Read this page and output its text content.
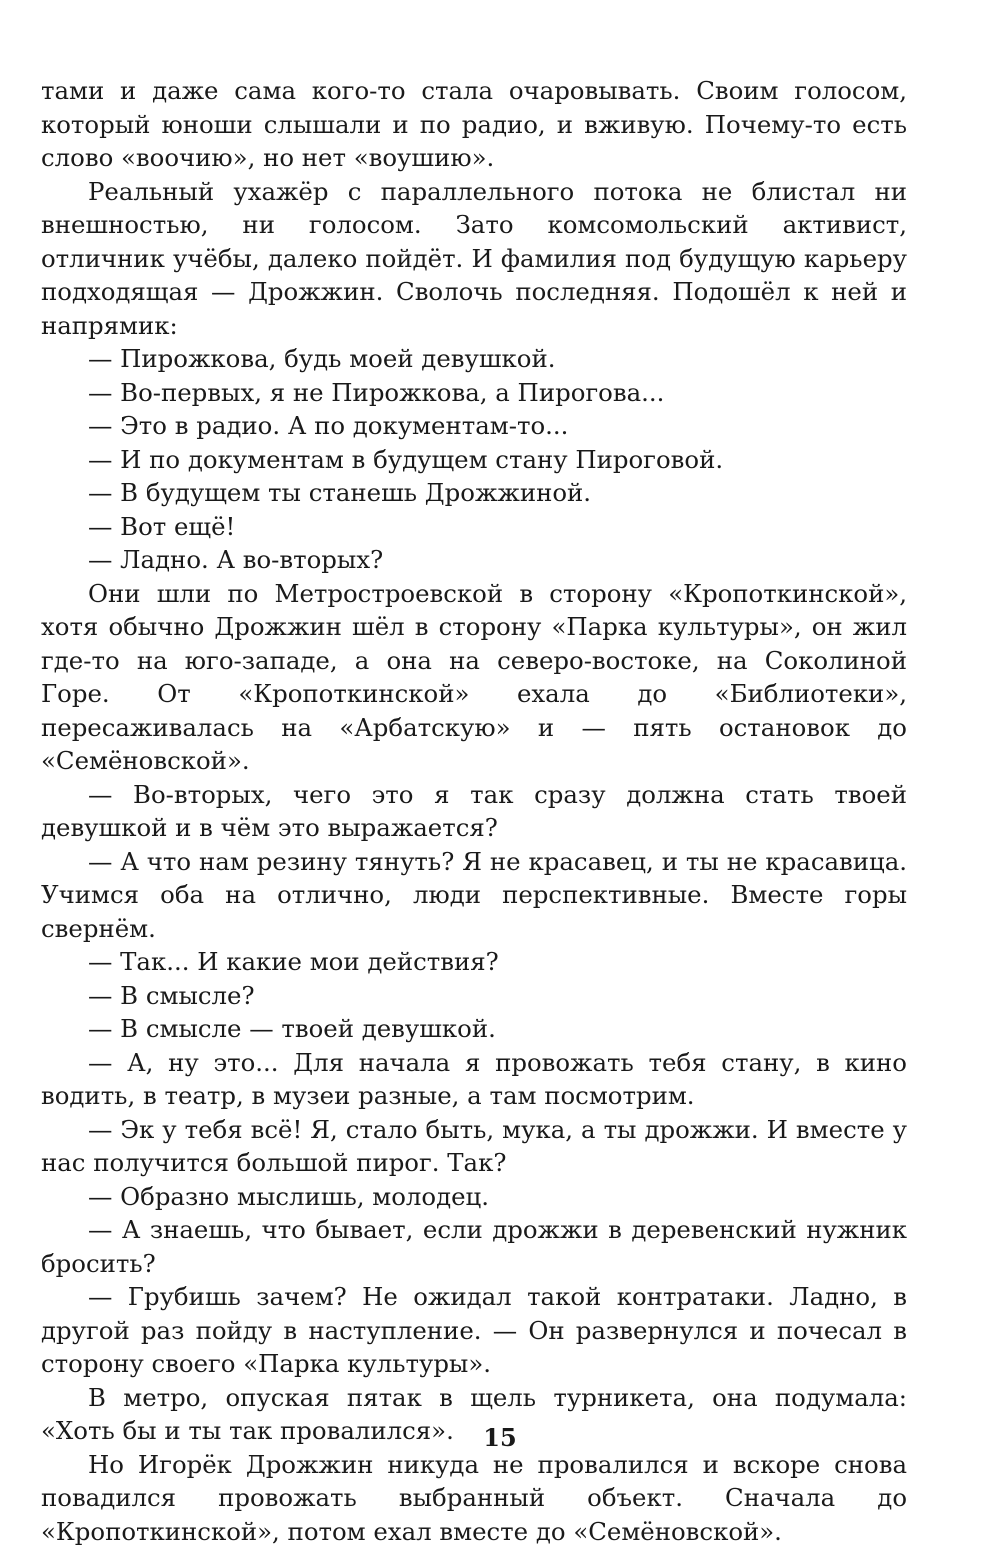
тами и даже сама кого-то стала очаровывать. Своим голосом, который юноши слышали и по радио, и вживую. Почему-то есть слово «воочию», но нет «воушию».

Реальный ухажёр с параллельного потока не блистал ни внешностью, ни голосом. Зато комсомольский активист, отличник учёбы, далеко пойдёт. И фамилия под будущую карьеру подходящая — Дрожжин. Сволочь последняя. Подошёл к ней и напрямик:

— Пирожкова, будь моей девушкой.

— Во-первых, я не Пирожкова, а Пирогова...

— Это в радио. А по документам-то...

— И по документам в будущем стану Пироговой.

— В будущем ты станешь Дрожжиной.

— Вот ещё!

— Ладно. А во-вторых?

Они шли по Метростроевской в сторону «Кропоткинской», хотя обычно Дрожжин шёл в сторону «Парка культуры», он жил где-то на юго-западе, а она на северо-востоке, на Соколиной Горе. От «Кропоткинской» ехала до «Библиотеки», пересаживалась на «Арбатскую» и — пять остановок до «Семёновской».

— Во-вторых, чего это я так сразу должна стать твоей девушкой и в чём это выражается?

— А что нам резину тянуть? Я не красавец, и ты не красавица. Учимся оба на отлично, люди перспективные. Вместе горы свернём.

— Так... И какие мои действия?

— В смысле?

— В смысле — твоей девушкой.

— А, ну это... Для начала я провожать тебя стану, в кино водить, в театр, в музеи разные, а там посмотрим.

— Эк у тебя всё! Я, стало быть, мука, а ты дрожжи. И вместе у нас получится большой пирог. Так?

— Образно мыслишь, молодец.

— А знаешь, что бывает, если дрожжи в деревенский нужник бросить?

— Грубишь зачем? Не ожидал такой контратаки. Ладно, в другой раз пойду в наступление. — Он развернулся и почесал в сторону своего «Парка культуры».

В метро, опуская пятак в щель турникета, она подумала: «Хоть бы и ты так провалился».

Но Игорёк Дрожжин никуда не провалился и вскоре снова повадился провожать выбранный объект. Сначала до «Кропоткинской», потом ехал вместе до «Семёновской».

15
